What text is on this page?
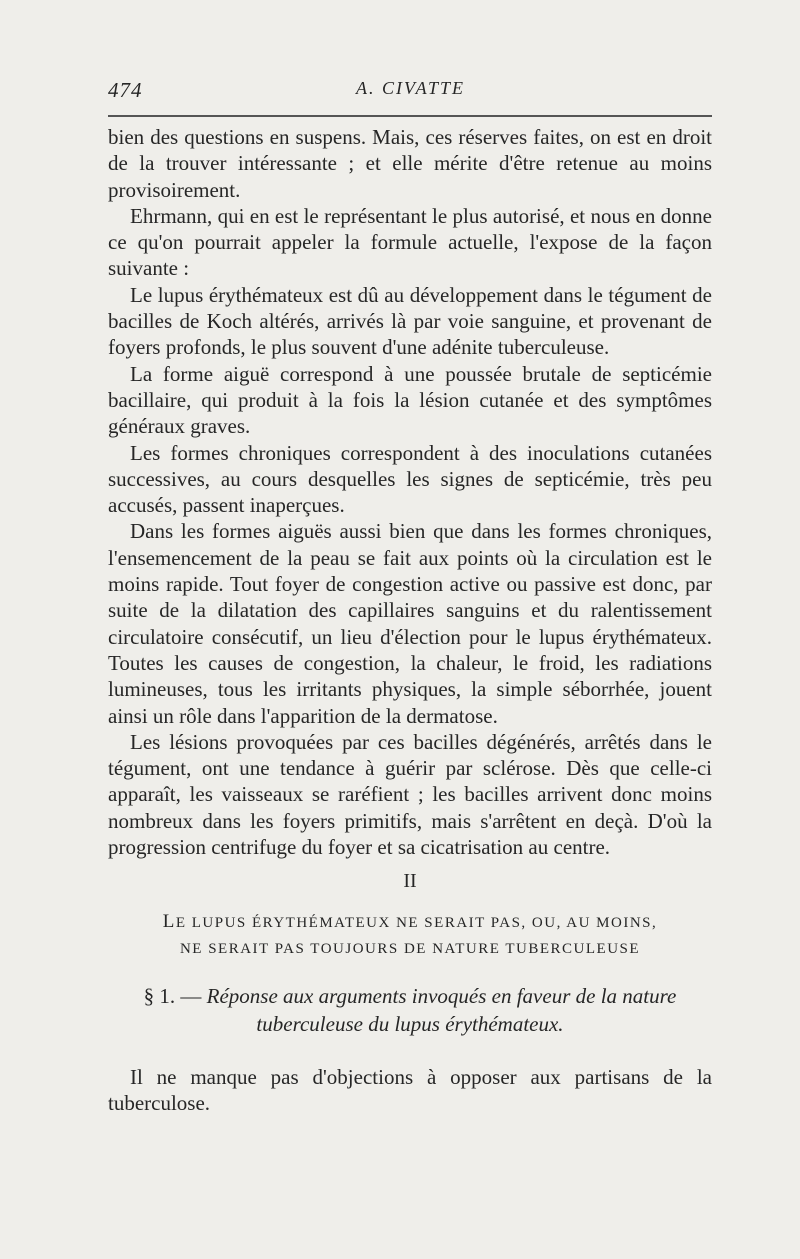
474	A. CIVATTE

bien des questions en suspens. Mais, ces réserves faites, on est en droit de la trouver intéressante ; et elle mérite d'être retenue au moins provisoirement.

Ehrmann, qui en est le représentant le plus autorisé, et nous en donne ce qu'on pourrait appeler la formule actuelle, l'expose de la façon suivante :

Le lupus érythémateux est dû au développement dans le tégument de bacilles de Koch altérés, arrivés là par voie sanguine, et provenant de foyers profonds, le plus souvent d'une adénite tuberculeuse.

La forme aiguë correspond à une poussée brutale de septicémie bacillaire, qui produit à la fois la lésion cutanée et des symptômes généraux graves.

Les formes chroniques correspondent à des inoculations cutanées successives, au cours desquelles les signes de septicémie, très peu accusés, passent inaperçues.

Dans les formes aiguës aussi bien que dans les formes chroniques, l'ensemencement de la peau se fait aux points où la circulation est le moins rapide. Tout foyer de congestion active ou passive est donc, par suite de la dilatation des capillaires sanguins et du ralentissement circulatoire consécutif, un lieu d'élection pour le lupus érythémateux. Toutes les causes de congestion, la chaleur, le froid, les radiations lumineuses, tous les irritants physiques, la simple séborrhée, jouent ainsi un rôle dans l'apparition de la dermatose.

Les lésions provoquées par ces bacilles dégénérés, arrêtés dans le tégument, ont une tendance à guérir par sclérose. Dès que celle-ci apparaît, les vaisseaux se raréfient ; les bacilles arrivent donc moins nombreux dans les foyers primitifs, mais s'arrêtent en deçà. D'où la progression centrifuge du foyer et sa cicatrisation au centre.

II
LE LUPUS ÉRYTHÉMATEUX NE SERAIT PAS, OU, AU MOINS,
NE SERAIT PAS TOUJOURS DE NATURE TUBERCULEUSE
§ 1. — Réponse aux arguments invoqués en faveur de la nature
tuberculeuse du lupus érythémateux.

Il ne manque pas d'objections à opposer aux partisans de la tuberculose.
